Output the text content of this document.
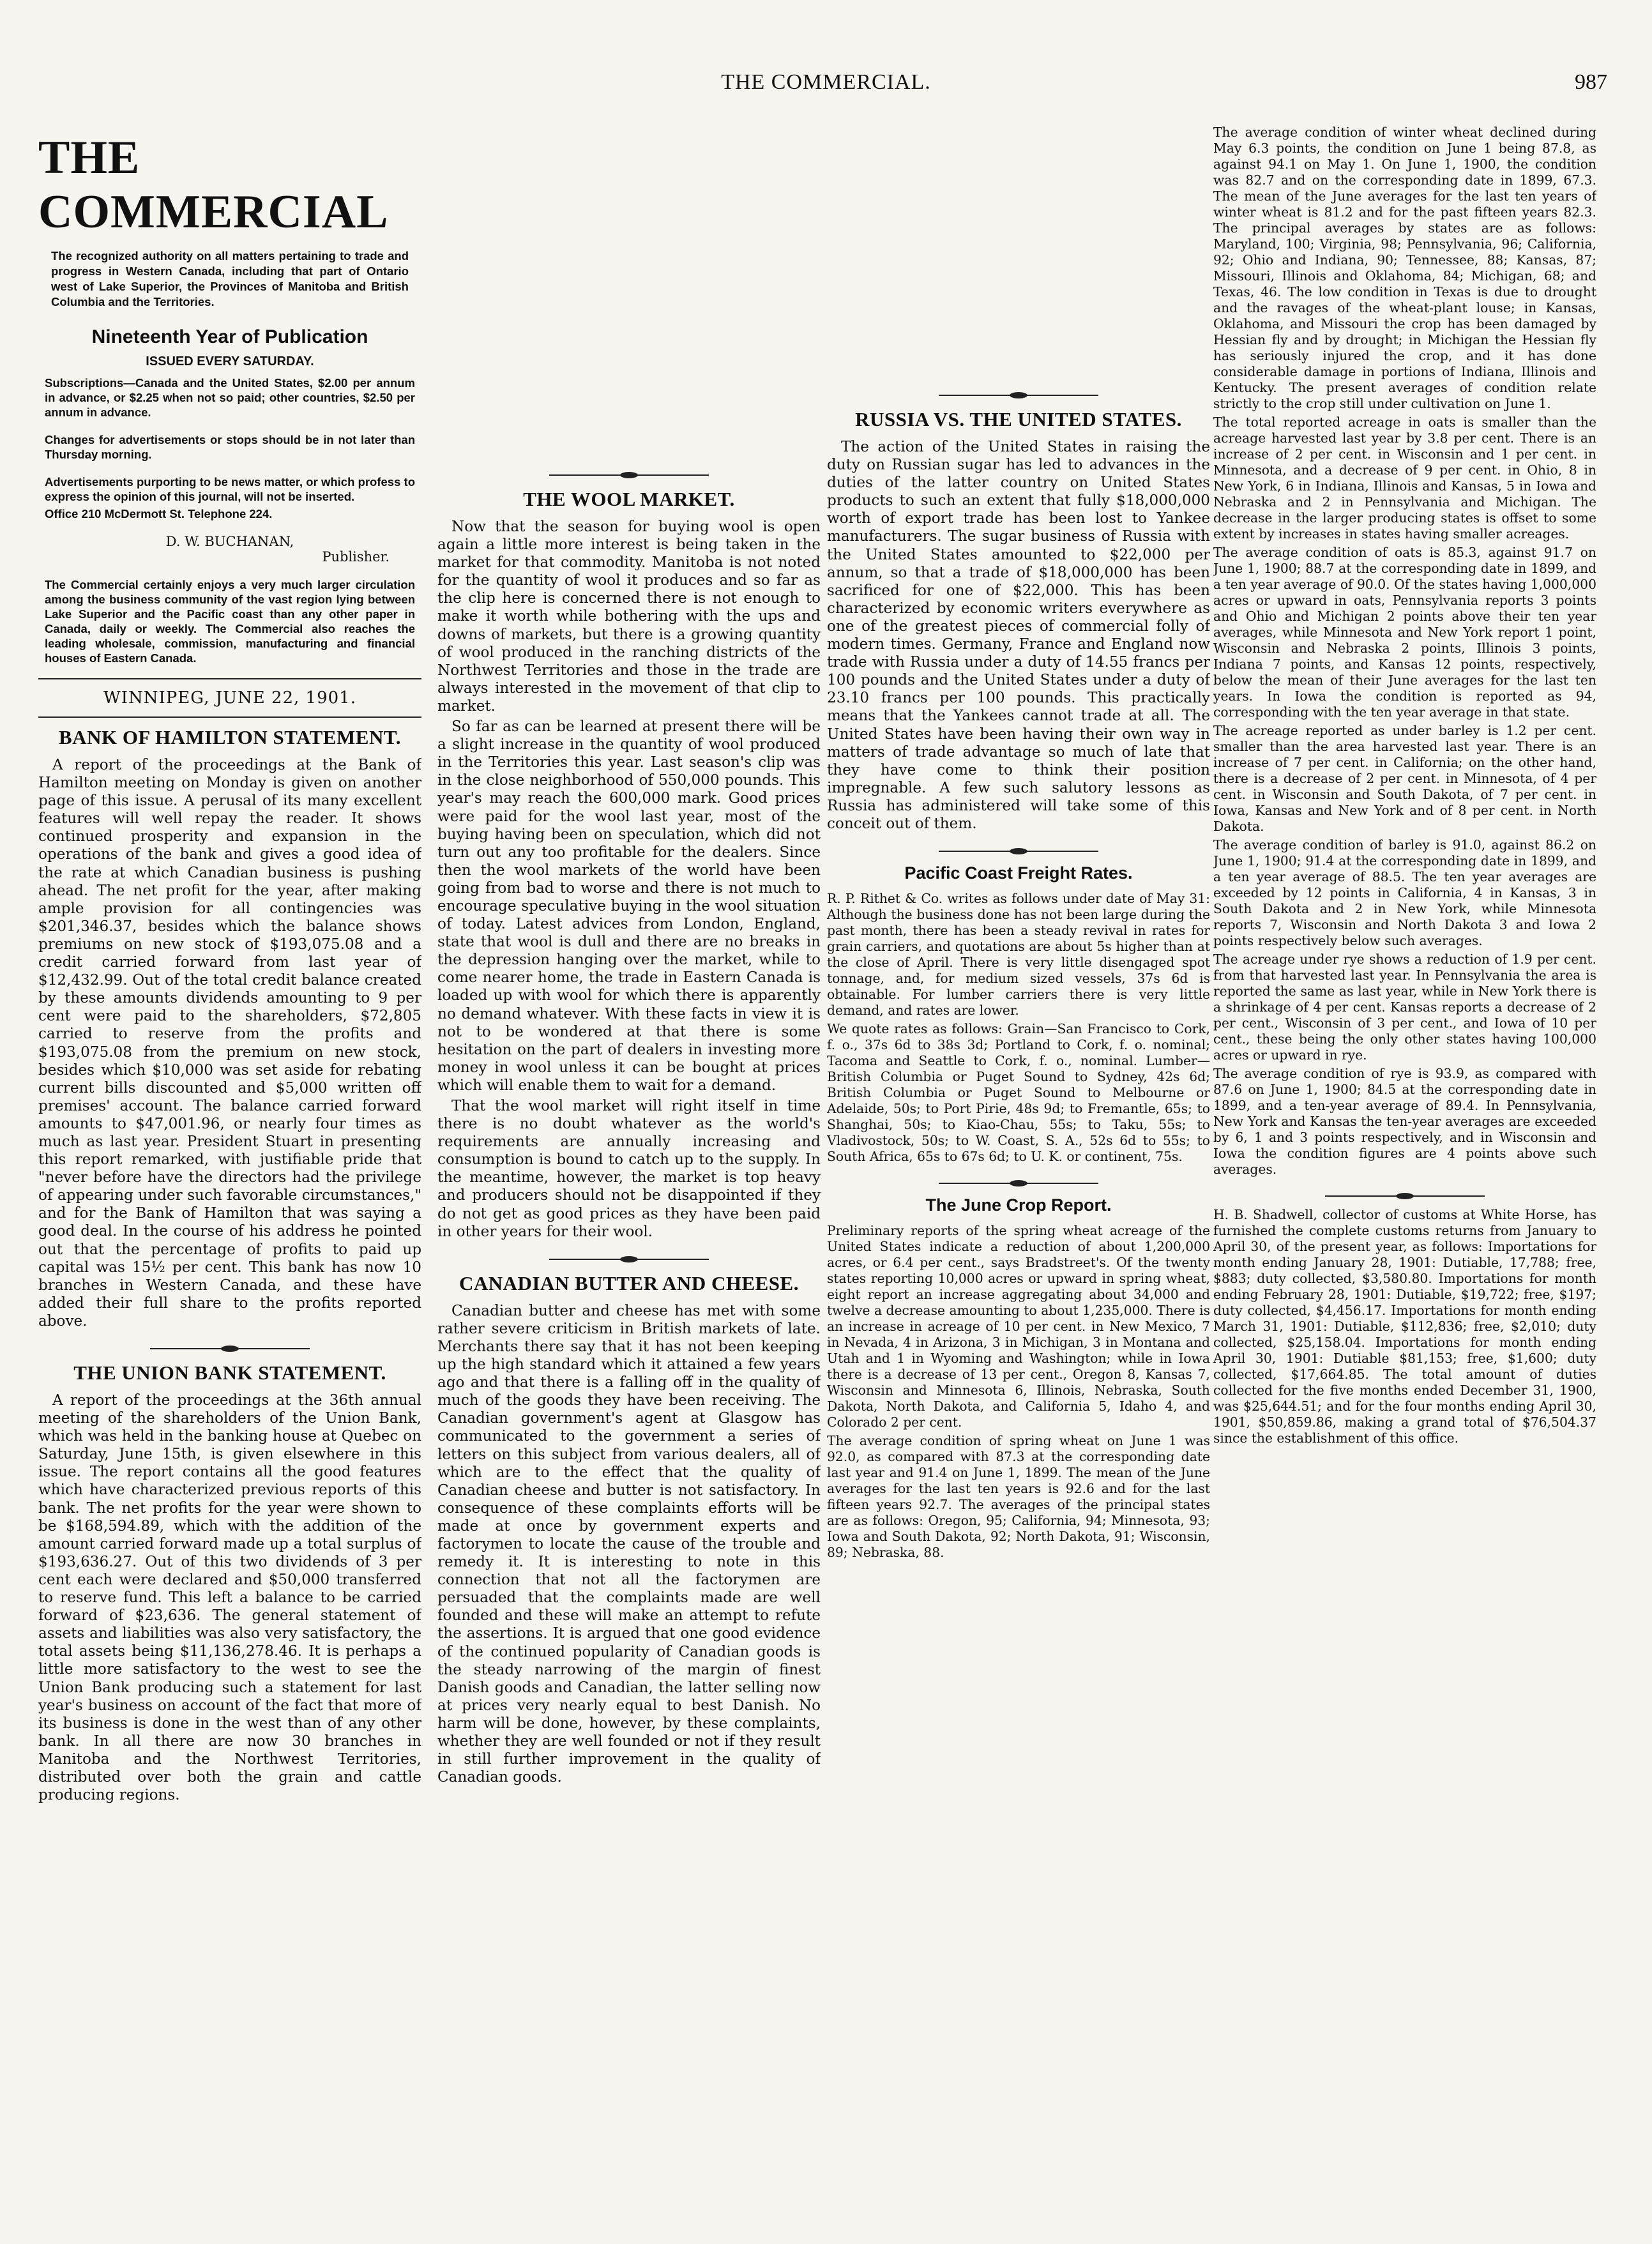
THE COMMERCIAL.	987
THE COMMERCIAL
The recognized authority on all matters pertaining to trade and progress in Western Canada, including that part of Ontario west of Lake Superior, the Provinces of Manitoba and British Columbia and the Territories.
Nineteenth Year of Publication
ISSUED EVERY SATURDAY.
Subscriptions—Canada and the United States, $2.00 per annum in advance, or $2.25 when not so paid; other countries, $2.50 per annum in advance.
Changes for advertisements or stops should be in not later than Thursday morning.
Advertisements purporting to be news matter, or which profess to express the opinion of this journal, will not be inserted.
Office 210 McDermott St. Telephone 224.
D. W. BUCHANAN,
Publisher.
The Commercial certainly enjoys a very much larger circulation among the business community of the vast region lying between Lake Superior and the Pacific coast than any other paper in Canada, daily or weekly. The Commercial also reaches the leading wholesale, commission, manufacturing and financial houses of Eastern Canada.
WINNIPEG, JUNE 22, 1901.
BANK OF HAMILTON STATEMENT.

A report of the proceedings at the Bank of Hamilton meeting on Monday is given on another page of this issue. A perusal of its many excellent features will well repay the reader. It shows continued prosperity and expansion in the operations of the bank and gives a good idea of the rate at which Canadian business is pushing ahead. The net profit for the year, after making ample provision for all contingencies was $201,346.37, besides which the balance shows premiums on new stock of $193,075.08 and a credit carried forward from last year of $12,432.99. Out of the total credit balance created by these amounts dividends amounting to 9 per cent were paid to the shareholders, $72,805 carried to reserve from the profits and $193,075.08 from the premium on new stock, besides which $10,000 was set aside for rebating current bills discounted and $5,000 written off premises' account. The balance carried forward amounts to $47,001.96, or nearly four times as much as last year. President Stuart in presenting this report remarked, with justifiable pride that "never before have the directors had the privilege of appearing under such favorable circumstances," and for the Bank of Hamilton that was saying a good deal. In the course of his address he pointed out that the percentage of profits to paid up capital was 15½ per cent. This bank has now 10 branches in Western Canada, and these have added their full share to the profits reported above.

THE UNION BANK STATEMENT.

A report of the proceedings at the 36th annual meeting of the shareholders of the Union Bank, which was held in the banking house at Quebec on Saturday, June 15th, is given elsewhere in this issue. The report contains all the good features which have characterized previous reports of this bank. The net profits for the year were shown to be $168,594.89, which with the addition of the amount carried forward made up a total surplus of $193,636.27. Out of this two dividends of 3 per cent each were declared and $50,000 transferred to reserve fund. This left a balance to be carried forward of $23,636. The general statement of assets and liabilities was also very satisfactory, the total assets being $11,136,278.46. It is perhaps a little more satisfactory to the west to see the Union Bank producing such a statement for last year's business on account of the fact that more of its business is done in the west than of any other bank. In all there are now 30 branches in Manitoba and the Northwest Territories, distributed over both the grain and cattle producing regions.

THE WOOL MARKET.

Now that the season for buying wool is open again a little more interest is being taken in the market for that commodity. Manitoba is not noted for the quantity of wool it produces and so far as the clip here is concerned there is not enough to make it worth while bothering with the ups and downs of markets, but there is a growing quantity of wool produced in the ranching districts of the Northwest Territories and those in the trade are always interested in the movement of that clip to market.

So far as can be learned at present there will be a slight increase in the quantity of wool produced in the Territories this year. Last season's clip was in the close neighborhood of 550,000 pounds. This year's may reach the 600,000 mark. Good prices were paid for the wool last year, most of the buying having been on speculation, which did not turn out any too profitable for the dealers. Since then the wool markets of the world have been going from bad to worse and there is not much to encourage speculative buying in the wool situation of today. Latest advices from London, England, state that wool is dull and there are no breaks in the depression hanging over the market, while to come nearer home, the trade in Eastern Canada is loaded up with wool for which there is apparently no demand whatever. With these facts in view it is not to be wondered at that there is some hesitation on the part of dealers in investing more money in wool unless it can be bought at prices which will enable them to wait for a demand.

That the wool market will right itself in time there is no doubt whatever as the world's requirements are annually increasing and consumption is bound to catch up to the supply. In the meantime, however, the market is top heavy and producers should not be disappointed if they do not get as good prices as they have been paid in other years for their wool.

CANADIAN BUTTER AND CHEESE.

Canadian butter and cheese has met with some rather severe criticism in British markets of late. Merchants there say that it has not been keeping up the high standard which it attained a few years ago and that there is a falling off in the quality of much of the goods they have been receiving. The Canadian government's agent at Glasgow has communicated to the government a series of letters on this subject from various dealers, all of which are to the effect that the quality of Canadian cheese and butter is not satisfactory. In consequence of these complaints efforts will be made at once by government experts and factorymen to locate the cause of the trouble and remedy it. It is interesting to note in this connection that not all the factorymen are persuaded that the complaints made are well founded and these will make an attempt to refute the assertions. It is argued that one good evidence of the continued popularity of Canadian goods is the steady narrowing of the margin of finest Danish goods and Canadian, the latter selling now at prices very nearly equal to best Danish. No harm will be done, however, by these complaints, whether they are well founded or not if they result in still further improvement in the quality of Canadian goods.

RUSSIA VS. THE UNITED STATES.

The action of the United States in raising the duty on Russian sugar has led to advances in the duties of the latter country on United States products to such an extent that fully $18,000,000 worth of export trade has been lost to Yankee manufacturers. The sugar business of Russia with the United States amounted to $22,000 per annum, so that a trade of $18,000,000 has been sacrificed for one of $22,000. This has been characterized by economic writers everywhere as one of the greatest pieces of commercial folly of modern times. Germany, France and England now trade with Russia under a duty of 14.55 francs per 100 pounds and the United States under a duty of 23.10 francs per 100 pounds. This practically means that the Yankees cannot trade at all. The United States have been having their own way in matters of trade advantage so much of late that they have come to think their position impregnable. A few such salutory lessons as Russia has administered will take some of this conceit out of them.

Pacific Coast Freight Rates.

R. P. Rithet & Co. writes as follows under date of May 31: Although the business done has not been large during the past month, there has been a steady revival in rates for grain carriers, and quotations are about 5s higher than at the close of April. There is very little disengaged spot tonnage, and, for medium sized vessels, 37s 6d is obtainable. For lumber carriers there is very little demand, and rates are lower.

We quote rates as follows: Grain—San Francisco to Cork, f. o., 37s 6d to 38s 3d; Portland to Cork, f. o. nominal; Tacoma and Seattle to Cork, f. o., nominal. Lumber—British Columbia or Puget Sound to Sydney, 42s 6d; British Columbia or Puget Sound to Melbourne or Adelaide, 50s; to Port Pirie, 48s 9d; to Fremantle, 65s; to Shanghai, 50s; to Kiao-Chau, 55s; to Taku, 55s; to Vladivostock, 50s; to W. Coast, S. A., 52s 6d to 55s; to South Africa, 65s to 67s 6d; to U. K. or continent, 75s.

The June Crop Report.

Preliminary reports of the spring wheat acreage of the United States indicate a reduction of about 1,200,000 acres, or 6.4 per cent., says Bradstreet's. Of the twenty states reporting 10,000 acres or upward in spring wheat, eight report an increase aggregating about 34,000 and twelve a decrease amounting to about 1,235,000. There is an increase in acreage of 10 per cent. in New Mexico, 7 in Nevada, 4 in Arizona, 3 in Michigan, 3 in Montana and Utah and 1 in Wyoming and Washington; while in Iowa there is a decrease of 13 per cent., Oregon 8, Kansas 7, Wisconsin and Minnesota 6, Illinois, Nebraska, South Dakota, North Dakota, and California 5, Idaho 4, and Colorado 2 per cent.

The average condition of spring wheat on June 1 was 92.0, as compared with 87.3 at the corresponding date last year and 91.4 on June 1, 1899. The mean of the June averages for the last ten years is 92.6 and for the last fifteen years 92.7. The averages of the principal states are as follows: Oregon, 95; California, 94; Minnesota, 93; Iowa and South Dakota, 92; North Dakota, 91; Wisconsin, 89; Nebraska, 88.

The average condition of winter wheat declined during May 6.3 points, the condition on June 1 being 87.8, as against 94.1 on May 1. On June 1, 1900, the condition was 82.7 and on the corresponding date in 1899, 67.3. The mean of the June averages for the last ten years of winter wheat is 81.2 and for the past fifteen years 82.3. The principal averages by states are as follows: Maryland, 100; Virginia, 98; Pennsylvania, 96; California, 92; Ohio and Indiana, 90; Tennessee, 88; Kansas, 87; Missouri, Illinois and Oklahoma, 84; Michigan, 68; and Texas, 46. The low condition in Texas is due to drought and the ravages of the wheat-plant louse; in Kansas, Oklahoma, and Missouri the crop has been damaged by Hessian fly and by drought; in Michigan the Hessian fly has seriously injured the crop, and it has done considerable damage in portions of Indiana, Illinois and Kentucky. The present averages of condition relate strictly to the crop still under cultivation on June 1.

The total reported acreage in oats is smaller than the acreage harvested last year by 3.8 per cent. There is an increase of 2 per cent. in Wisconsin and 1 per cent. in Minnesota, and a decrease of 9 per cent. in Ohio, 8 in New York, 6 in Indiana, Illinois and Kansas, 5 in Iowa and Nebraska and 2 in Pennsylvania and Michigan. The decrease in the larger producing states is offset to some extent by increases in states having smaller acreages.

The average condition of oats is 85.3, against 91.7 on June 1, 1900; 88.7 at the corresponding date in 1899, and a ten year average of 90.0. Of the states having 1,000,000 acres or upward in oats, Pennsylvania reports 3 points and Ohio and Michigan 2 points above their ten year averages, while Minnesota and New York report 1 point, Wisconsin and Nebraska 2 points, Illinois 3 points, Indiana 7 points, and Kansas 12 points, respectively, below the mean of their June averages for the last ten years. In Iowa the condition is reported as 94, corresponding with the ten year average in that state.

The acreage reported as under barley is 1.2 per cent. smaller than the area harvested last year. There is an increase of 7 per cent. in California; on the other hand, there is a decrease of 2 per cent. in Minnesota, of 4 per cent. in Wisconsin and South Dakota, of 7 per cent. in Iowa, Kansas and New York and of 8 per cent. in North Dakota.

The average condition of barley is 91.0, against 86.2 on June 1, 1900; 91.4 at the corresponding date in 1899, and a ten year average of 88.5. The ten year averages are exceeded by 12 points in California, 4 in Kansas, 3 in South Dakota and 2 in New York, while Minnesota reports 7, Wisconsin and North Dakota 3 and Iowa 2 points respectively below such averages.

The acreage under rye shows a reduction of 1.9 per cent. from that harvested last year. In Pennsylvania the area is reported the same as last year, while in New York there is a shrinkage of 4 per cent. Kansas reports a decrease of 2 per cent., Wisconsin of 3 per cent., and Iowa of 10 per cent., these being the only other states having 100,000 acres or upward in rye.

The average condition of rye is 93.9, as compared with 87.6 on June 1, 1900; 84.5 at the corresponding date in 1899, and a ten-year average of 89.4. In Pennsylvania, New York and Kansas the ten-year averages are exceeded by 6, 1 and 3 points respectively, and in Wisconsin and Iowa the condition figures are 4 points above such averages.

H. B. Shadwell, collector of customs at White Horse, has furnished the complete customs returns from January to April 30, of the present year, as follows: Importations for month ending January 28, 1901: Dutiable, 17,788; free, $883; duty collected, $3,580.80. Importations for month ending February 28, 1901: Dutiable, $19,722; free, $197; duty collected, $4,456.17. Importations for month ending March 31, 1901: Dutiable, $112,836; free, $2,010; duty collected, $25,158.04. Importations for month ending April 30, 1901: Dutiable $81,153; free, $1,600; duty collected, $17,664.85. The total amount of duties collected for the five months ended December 31, 1900, was $25,644.51; and for the four months ending April 30, 1901, $50,859.86, making a grand total of $76,504.37 since the establishment of this office.
